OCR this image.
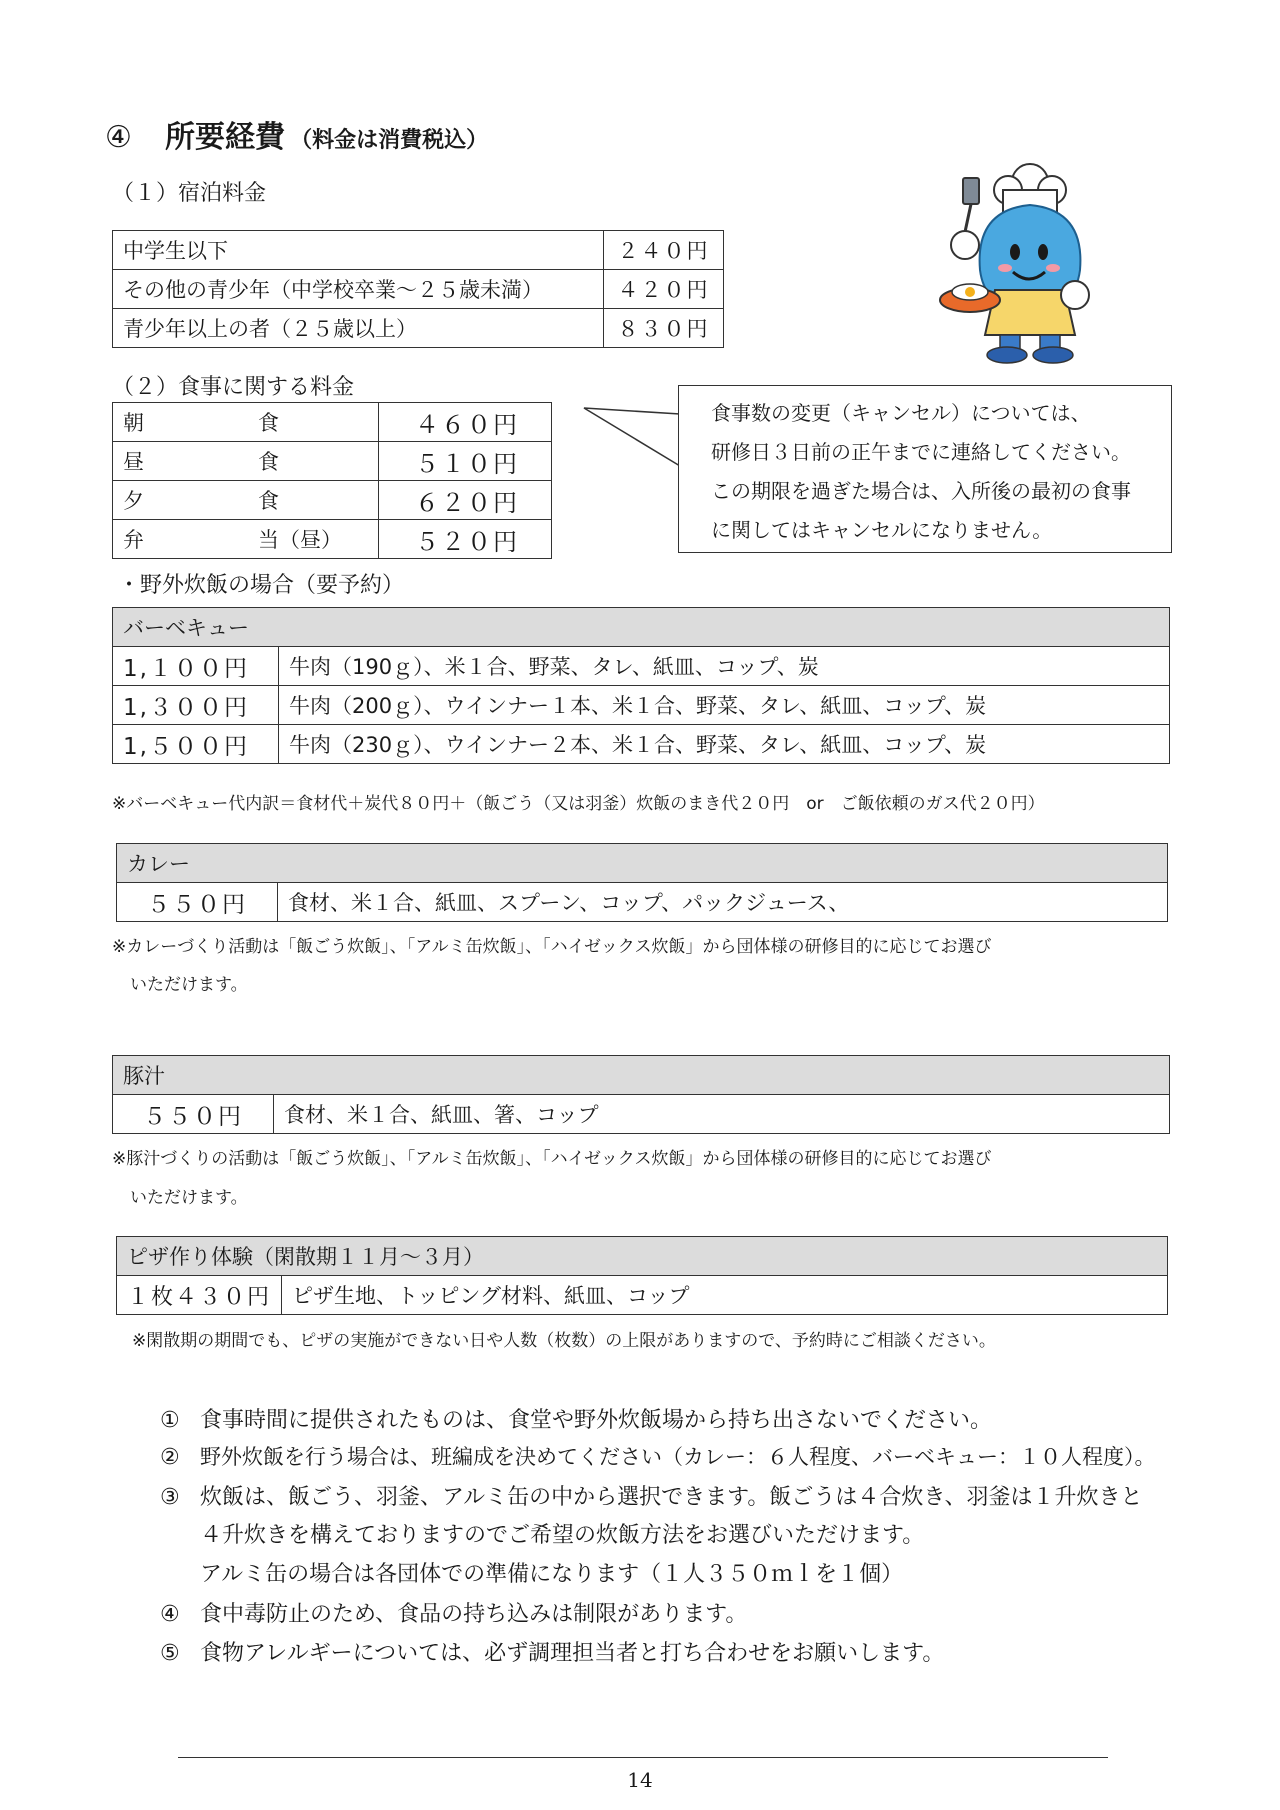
④ 所要経費 （料金は消費税込）
（１）宿泊料金
中学生以下	２４０円
その他の青少年（中学校卒業～２５歳未満）	４２０円
青少年以上の者（２５歳以上）	８３０円
（２）食事に関する料金
朝 食	４６０円
昼 食	５１０円
夕 食	６２０円
弁 当（昼）	５２０円
食事数の変更（キャンセル）については、
研修日３日前の正午までに連絡してください。
この期限を過ぎた場合は、入所後の最初の食事
に関してはキャンセルになりません。
・野外炊飯の場合（要予約）
バーベキュー	
1,１００円	牛肉（190ｇ）、米１合、野菜、タレ、紙皿、コップ、炭
1,３００円	牛肉（200ｇ）、ウインナー１本、米１合、野菜、タレ、紙皿、コップ、炭
1,５００円	牛肉（230ｇ）、ウインナー２本、米１合、野菜、タレ、紙皿、コップ、炭
※バーベキュー代内訳＝食材代＋炭代８０円＋（飯ごう（又は羽釜）炊飯のまき代２０円　or　ご飯依頼のガス代２０円）
カレー
５５０円	食材、米１合、紙皿、スプーン、コップ、パックジュース、
※カレーづくり活動は「飯ごう炊飯」、「アルミ缶炊飯」、「ハイゼックス炊飯」から団体様の研修目的に応じてお選び
いただけます。
豚汁
５５０円	食材、米１合、紙皿、箸、コップ
※豚汁づくりの活動は「飯ごう炊飯」、「アルミ缶炊飯」、「ハイゼックス炊飯」から団体様の研修目的に応じてお選び
いただけます。
ピザ作り体験（閑散期１１月～３月）
１枚４３０円	ピザ生地、トッピング材料、紙皿、コップ
※閑散期の期間でも、ピザの実施ができない日や人数（枚数）の上限がありますので、予約時にご相談ください。
① 食事時間に提供されたものは、食堂や野外炊飯場から持ち出さないでください。
② 野外炊飯を行う場合は、班編成を決めてください（カレー：６人程度、バーベキュー：１０人程度）。
③ 炊飯は、飯ごう、羽釜、アルミ缶の中から選択できます。飯ごうは４合炊き、羽釜は１升炊きと
４升炊きを構えておりますのでご希望の炊飯方法をお選びいただけます。
アルミ缶の場合は各団体での準備になります（１人３５０ｍｌを１個）
④ 食中毒防止のため、食品の持ち込みは制限があります。
⑤ 食物アレルギーについては、必ず調理担当者と打ち合わせをお願いします。
14
